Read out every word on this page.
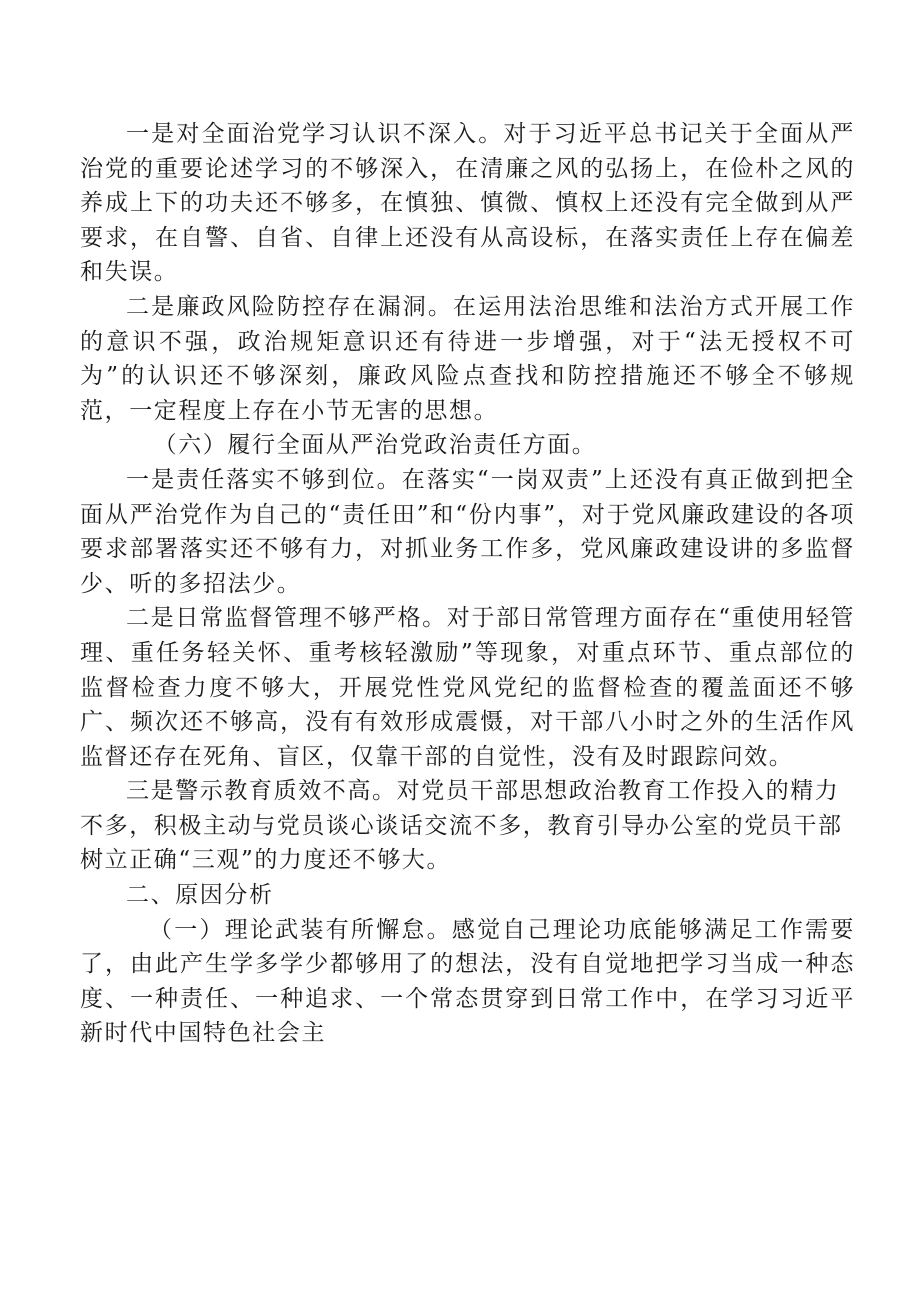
一是对全面治党学习认识不深入。对于习近平总书记关于全面从严治党的重要论述学习的不够深入，在清廉之风的弘扬上，在俭朴之风的养成上下的功夫还不够多，在慎独、慎微、慎权上还没有完全做到从严要求，在自警、自省、自律上还没有从高设标，在落实责任上存在偏差和失误。

二是廉政风险防控存在漏洞。在运用法治思维和法治方式开展工作的意识不强，政治规矩意识还有待进一步增强，对于“法无授权不可为”的认识还不够深刻，廉政风险点查找和防控措施还不够全不够规范，一定程度上存在小节无害的思想。

（六）履行全面从严治党政治责任方面。

一是责任落实不够到位。在落实“一岗双责”上还没有真正做到把全面从严治党作为自己的“责任田”和“份内事”，对于党风廉政建设的各项要求部署落实还不够有力，对抓业务工作多，党风廉政建设讲的多监督少、听的多招法少。

二是日常监督管理不够严格。对于部日常管理方面存在“重使用轻管理、重任务轻关怀、重考核轻激励”等现象，对重点环节、重点部位的监督检查力度不够大，开展党性党风党纪的监督检查的覆盖面还不够广、频次还不够高，没有有效形成震慑，对干部八小时之外的生活作风监督还存在死角、盲区，仅靠干部的自觉性，没有及时跟踪问效。

三是警示教育质效不高。对党员干部思想政治教育工作投入的精力不多，积极主动与党员谈心谈话交流不多，教育引导办公室的党员干部树立正确“三观”的力度还不够大。

二、原因分析

（一）理论武装有所懈怠。感觉自己理论功底能够满足工作需要了，由此产生学多学少都够用了的想法，没有自觉地把学习当成一种态度、一种责任、一种追求、一个常态贯穿到日常工作中，在学习习近平新时代中国特色社会主
